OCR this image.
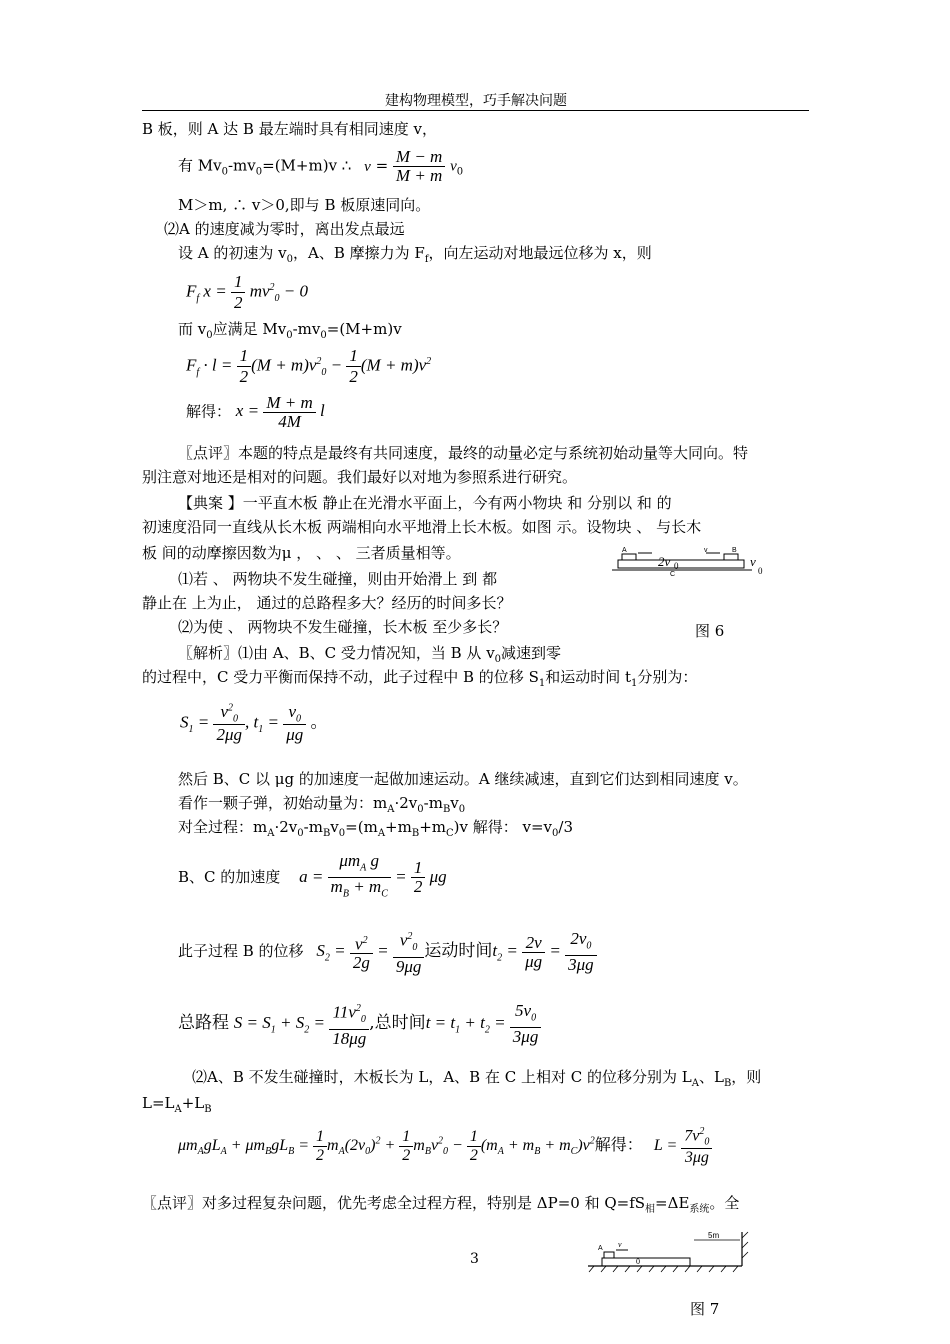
建构物理模型，巧手解决问题
B 板，则 A 达 B 最左端时具有相同速度 v，
有 $Mv_0-mv_0=(M+m)v$ ∴ $v = \frac{M - m}{M + m} v_0$
M＞m, ∴ v＞0,即与 B 板原速同向。
⑵A 的速度减为零时，离出发点最远
设 A 的初速为 $v_0$，A、B 摩擦力为 $F_f$，向左运动对地最远位移为 x，则
$F_f$ $x = \frac{1}{2} mv^2_0 - 0$
而 $v_0$应满足 $Mv_0-mv_0=(M+m)v$
$F_f \cdot l = \frac{1}{2} (M + m)v^2_0 - \frac{1}{2} (M + m)v^2$
解得： $x = \frac{M + m}{4M}$ l
〖点评〗本题的特点是最终有共同速度，最终的动量必定与系统初始动量等大同向。特
别注意对地还是相对的问题。我们最好以对地为参照系进行研究。
【典案 】一平直木板 静止在光滑水平面上，今有两小物块 和 分别以 和 的
初速度沿同一直线从长木板 两端相向水平地滑上长木板。如图 示。设物块 、 与长木
板 间的动摩擦因数为μ ， 、 、 三者质量相等。
⑴若 、 两物块不发生碰撞，则由开始滑上 到 都
静止在 上为止， 通过的总路程多大？经历的时间多长？
⑵为使 、 两物块不发生碰撞，长木板 至少多长？
A
2v 0
v	B
C
v
0
图 6
〖解析〗⑴由 A、B、C 受力情况知，当 B 从 $v_0$减速到零
的过程中，C 受力平衡而保持不动，此子过程中 B 的位移 $S_1$和运动时间 $t_1$分别为：
$S_1 = \frac{v^2_0}{2\mu g}$ , $t_1 = \frac{v_0}{\mu g}$ 。
然后 B、C 以 μg 的加速度一起做加速运动。A 继续减速，直到它们达到相同速度 v。
看作一颗子弹，初始动量为：$m_A\cdot 2v_0-m_Bv_0$
对全过程：$m_A\cdot 2v_0-m_Bv_0=(m_A+m_B+m_C)v$ 解得： $v=v_0/3$
B、C 的加速度 $a = \frac{\mu m_A g}{m_B + m_C} = \frac{1}{2}$ μg
此子过程 B 的位移 $S_2 = \frac{v^2}{2g} = \frac{v^2_0}{9\mu g}$ 运动时间$t_2 = \frac{2v}{\mu g} = \frac{2v_0}{3\mu g}$
总路程 $S = S_1 + S_2 = \frac{11v^2_0}{18\mu g}$ ,总时间$t = t_1 + t_2 = \frac{5v_0}{3\mu g}$
⑵A、B 不发生碰撞时，木板长为 L，A、B 在 C 上相对 C 的位移分别为 $L_A$、$L_B$，则
$L=L_A+L_B$
$\mu m_AgL_A + \mu m_BgL_B = \frac{1}{2} m_A(2v_0)^2 + \frac{1}{2} m_Bv^2_0 - \frac{1}{2} (m_A + m_B + m_C)v^2$解得： $L = \frac{7v^2_0}{3\mu g}$
〖点评〗对多过程复杂问题，优先考虑全过程方程，特别是 ΔP=0 和 $Q=fS_相=\Delta E_{系统}$。全
A v
0
5m
3
图 7
